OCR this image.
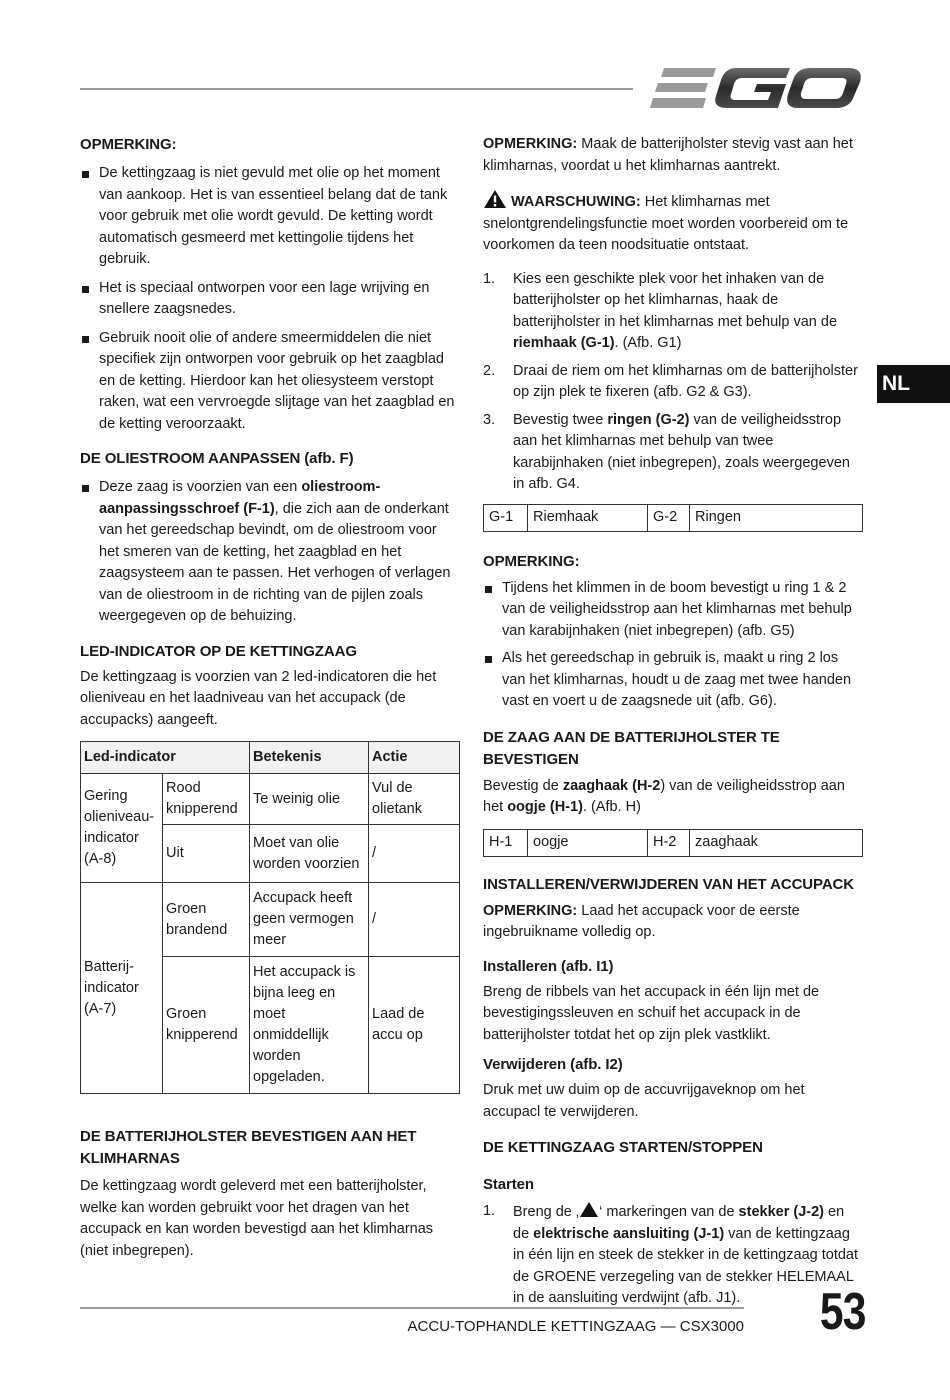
NL
OPMERKING:
De kettingzaag is niet gevuld met olie op het moment van aankoop. Het is van essentieel belang dat de tank voor gebruik met olie wordt gevuld. De ketting wordt automatisch gesmeerd met kettingolie tijdens het gebruik.
Het is speciaal ontworpen voor een lage wrijving en snellere zaagsnedes.
Gebruik nooit olie of andere smeermiddelen die niet specifiek zijn ontworpen voor gebruik op het zaagblad en de ketting. Hierdoor kan het oliesysteem verstopt raken, wat een vervroegde slijtage van het zaagblad en de ketting veroorzaakt.
DE OLIESTROOM AANPASSEN (afb. F)
Deze zaag is voorzien van een oliestroom-aanpassingsschroef (F-1), die zich aan de onderkant van het gereedschap bevindt, om de oliestroom voor het smeren van de ketting, het zaagblad en het zaagsysteem aan te passen. Het verhogen of verlagen van de oliestroom in de richting van de pijlen zoals weergegeven op de behuizing.
LED-INDICATOR OP DE KETTINGZAAG
De kettingzaag is voorzien van 2 led-indicatoren die het olieniveau en het laadniveau van het accupack (de accupacks) aangeeft.
Led-indicator		Betekenis	Actie
Gering olieniveau-indicator (A-8)	Rood knipperend	Te weinig olie	Vul de olietank
	Uit	Moet van olie worden voorzien	/
Batterij-indicator (A-7)	Groen brandend	Accupack heeft geen vermogen meer	/
	Groen knipperend	Het accupack is bijna leeg en moet onmiddellijk worden opgeladen.	Laad de accu op
DE BATTERIJHOLSTER BEVESTIGEN AAN HET KLIMHARNAS
De kettingzaag wordt geleverd met een batterijholster, welke kan worden gebruikt voor het dragen van het accupack en kan worden bevestigd aan het klimharnas (niet inbegrepen).
OPMERKING: Maak de batterijholster stevig vast aan het klimharnas, voordat u het klimharnas aantrekt.
WAARSCHUWING: Het klimharnas met snelontgrendelingsfunctie moet worden voorbereid om te voorkomen da teen noodsituatie ontstaat.
1. Kies een geschikte plek voor het inhaken van de batterijholster op het klimharnas, haak de batterijholster in het klimharnas met behulp van de riemhaak (G-1). (Afb. G1)
2. Draai de riem om het klimharnas om de batterijholster op zijn plek te fixeren (afb. G2 & G3).
3. Bevestig twee ringen (G-2) van de veiligheidsstrop aan het klimharnas met behulp van twee karabijnhaken (niet inbegrepen), zoals weergegeven in afb. G4.
G-1	Riemhaak	G-2	Ringen
OPMERKING:
Tijdens het klimmen in de boom bevestigt u ring 1 & 2 van de veiligheidsstrop aan het klimharnas met behulp van karabijnhaken (niet inbegrepen) (afb. G5)
Als het gereedschap in gebruik is, maakt u ring 2 los van het klimharnas, houdt u de zaag met twee handen vast en voert u de zaagsnede uit (afb. G6).
DE ZAAG AAN DE BATTERIJHOLSTER TE BEVESTIGEN
Bevestig de zaaghaak (H-2) van de veiligheidsstrop aan het oogje (H-1). (Afb. H)
H-1	oogje	H-2	zaaghaak
INSTALLEREN/VERWIJDEREN VAN HET ACCUPACK
OPMERKING: Laad het accupack voor de eerste ingebruikname volledig op.
Installeren (afb. I1)
Breng de ribbels van het accupack in één lijn met de bevestigingssleuven en schuif het accupack in de batterijholster totdat het op zijn plek vastklikt.
Verwijderen (afb. I2)
Druk met uw duim op de accuvrijgaveknop om het accupacl te verwijderen.
DE KETTINGZAAG STARTEN/STOPPEN
Starten
1. Breng de ‚ ‘ markeringen van de stekker (J-2) en de elektrische aansluiting (J-1) van de kettingzaag in één lijn en steek de stekker in de kettingzaag totdat de GROENE verzegeling van de stekker HELEMAAL in de aansluiting verdwijnt (afb. J1).
ACCU-TOPHANDLE KETTINGZAAG — CSX3000 53
